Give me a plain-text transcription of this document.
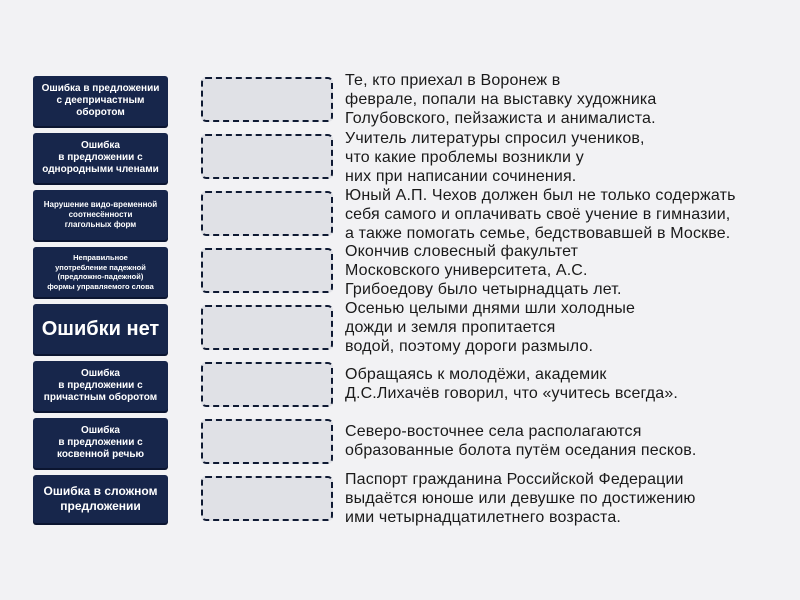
Ошибка в предложении
с деепричастным
оборотом
Ошибка
в предложении с
однородными членами
Нарушение видо-временной
соотнесённости
глагольных форм
Неправильное
употребление падежной
(предложно-падежной)
формы управляемого слова
Ошибки нет
Ошибка
в предложении с
причастным оборотом
Ошибка
в предложении с
косвенной речью
Ошибка в сложном
предложении
Те, кто приехал в Воронеж в
феврале, попали на выставку художника
Голубовского, пейзажиста и анималиста.
Учитель литературы спросил учеников,
что какие проблемы возникли у
них при написании сочинения.
Юный А.П. Чехов должен был не только содержать
себя самого и оплачивать своё учение в гимназии,
а также помогать семье, бедствовавшей в Москве.
Окончив словесный факультет
Московского университета, А.С.
Грибоедову было четырнадцать лет.
Осенью целыми днями шли холодные
дожди и земля пропитается
водой, поэтому дороги размыло.
Обращаясь к молодёжи, академик
Д.С.Лихачёв говорил, что «учитесь всегда».
Северо-восточнее села располагаются
образованные болота путём оседания песков.
Паспорт гражданина Российской Федерации
выдаётся юноше или девушке по достижению
ими четырнадцатилетнего возраста.
